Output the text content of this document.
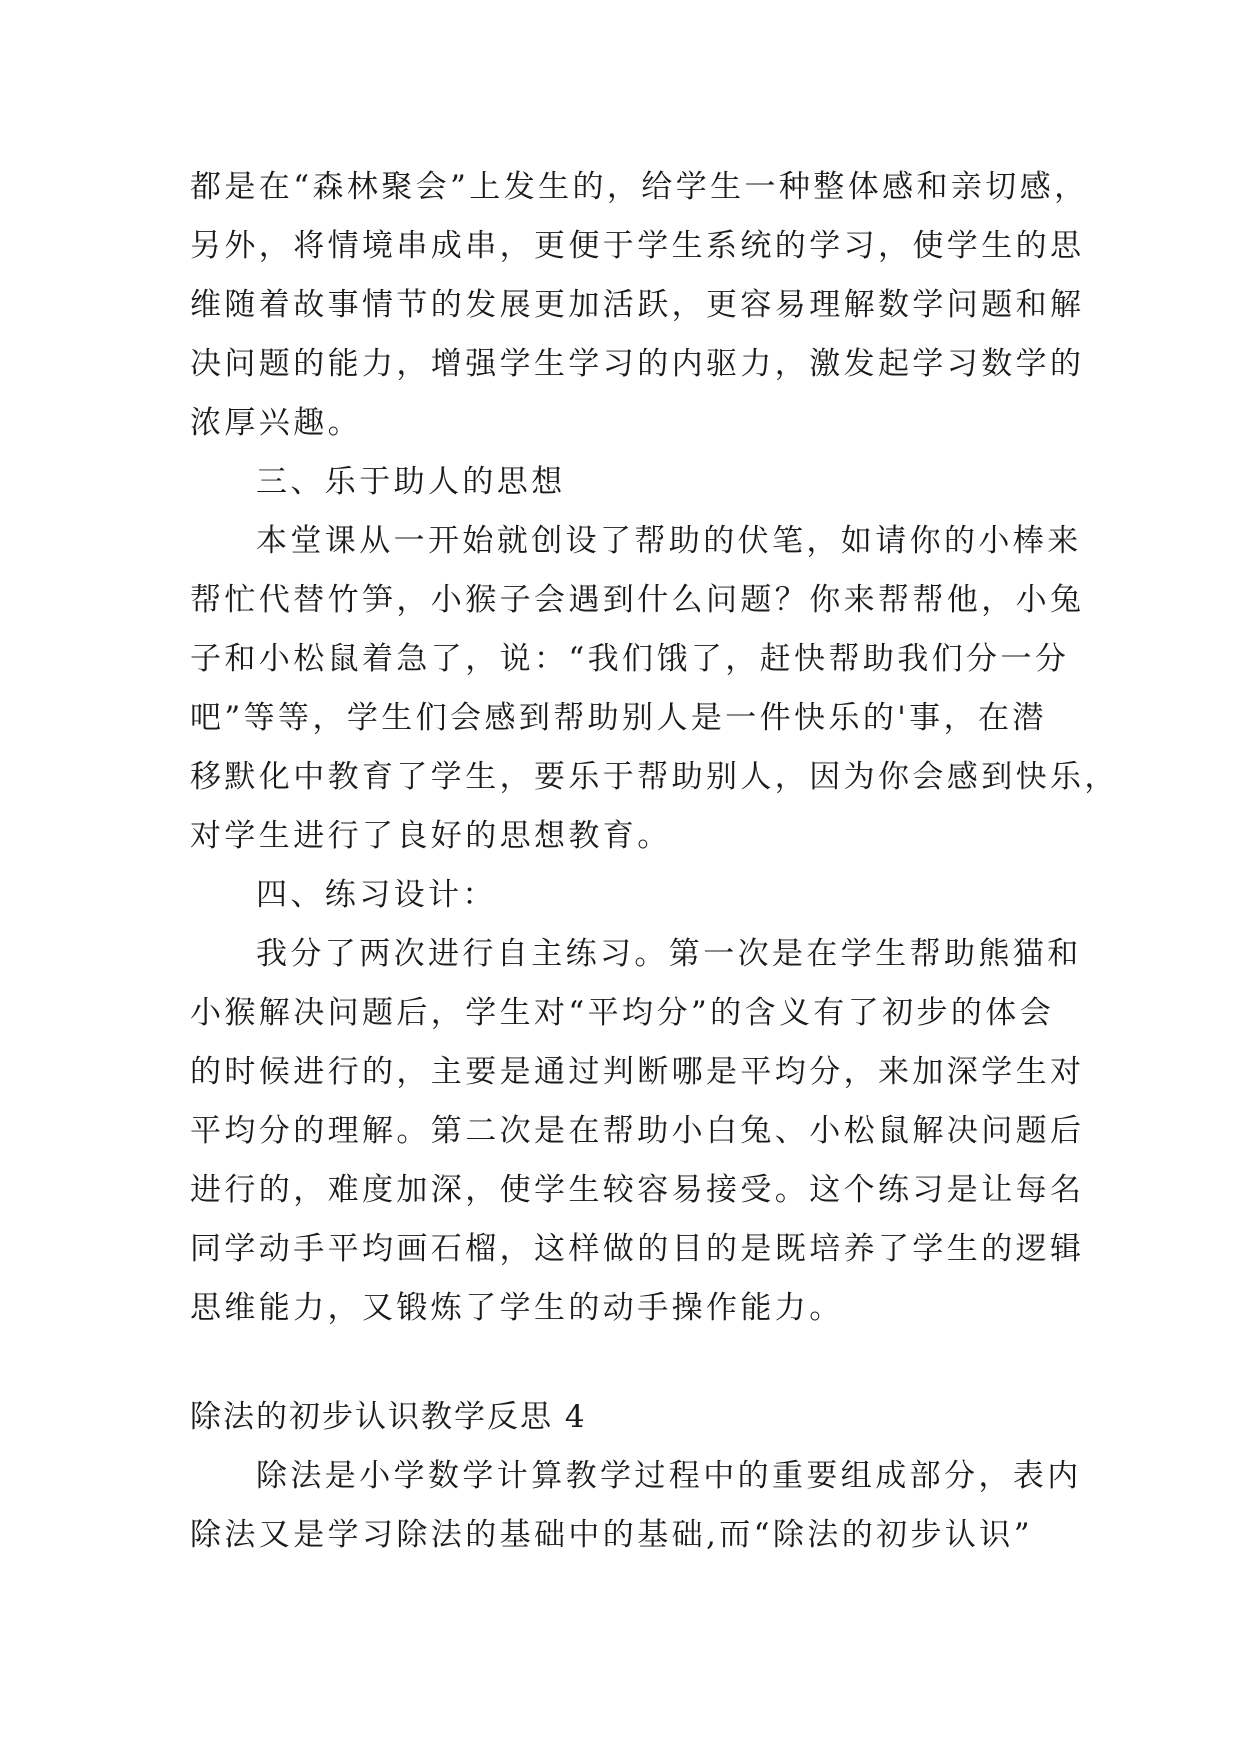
都是在“森林聚会”上发生的，给学生一种整体感和亲切感，
另外，将情境串成串，更便于学生系统的学习，使学生的思
维随着故事情节的发展更加活跃，更容易理解数学问题和解
决问题的能力，增强学生学习的内驱力，激发起学习数学的
浓厚兴趣。
三、乐于助人的思想
本堂课从一开始就创设了帮助的伏笔，如请你的小棒来
帮忙代替竹笋，小猴子会遇到什么问题？你来帮帮他，小兔
子和小松鼠着急了，说：“我们饿了，赶快帮助我们分一分
吧”等等，学生们会感到帮助别人是一件快乐的'事，在潜
移默化中教育了学生，要乐于帮助别人，因为你会感到快乐，
对学生进行了良好的思想教育。
四、练习设计：
我分了两次进行自主练习。第一次是在学生帮助熊猫和
小猴解决问题后，学生对“平均分”的含义有了初步的体会
的时候进行的，主要是通过判断哪是平均分，来加深学生对
平均分的理解。第二次是在帮助小白兔、小松鼠解决问题后
进行的，难度加深，使学生较容易接受。这个练习是让每名
同学动手平均画石榴，这样做的目的是既培养了学生的逻辑
思维能力，又锻炼了学生的动手操作能力。
除法的初步认识教学反思 4
除法是小学数学计算教学过程中的重要组成部分，表内
除法又是学习除法的基础中的基础,而“除法的初步认识”
